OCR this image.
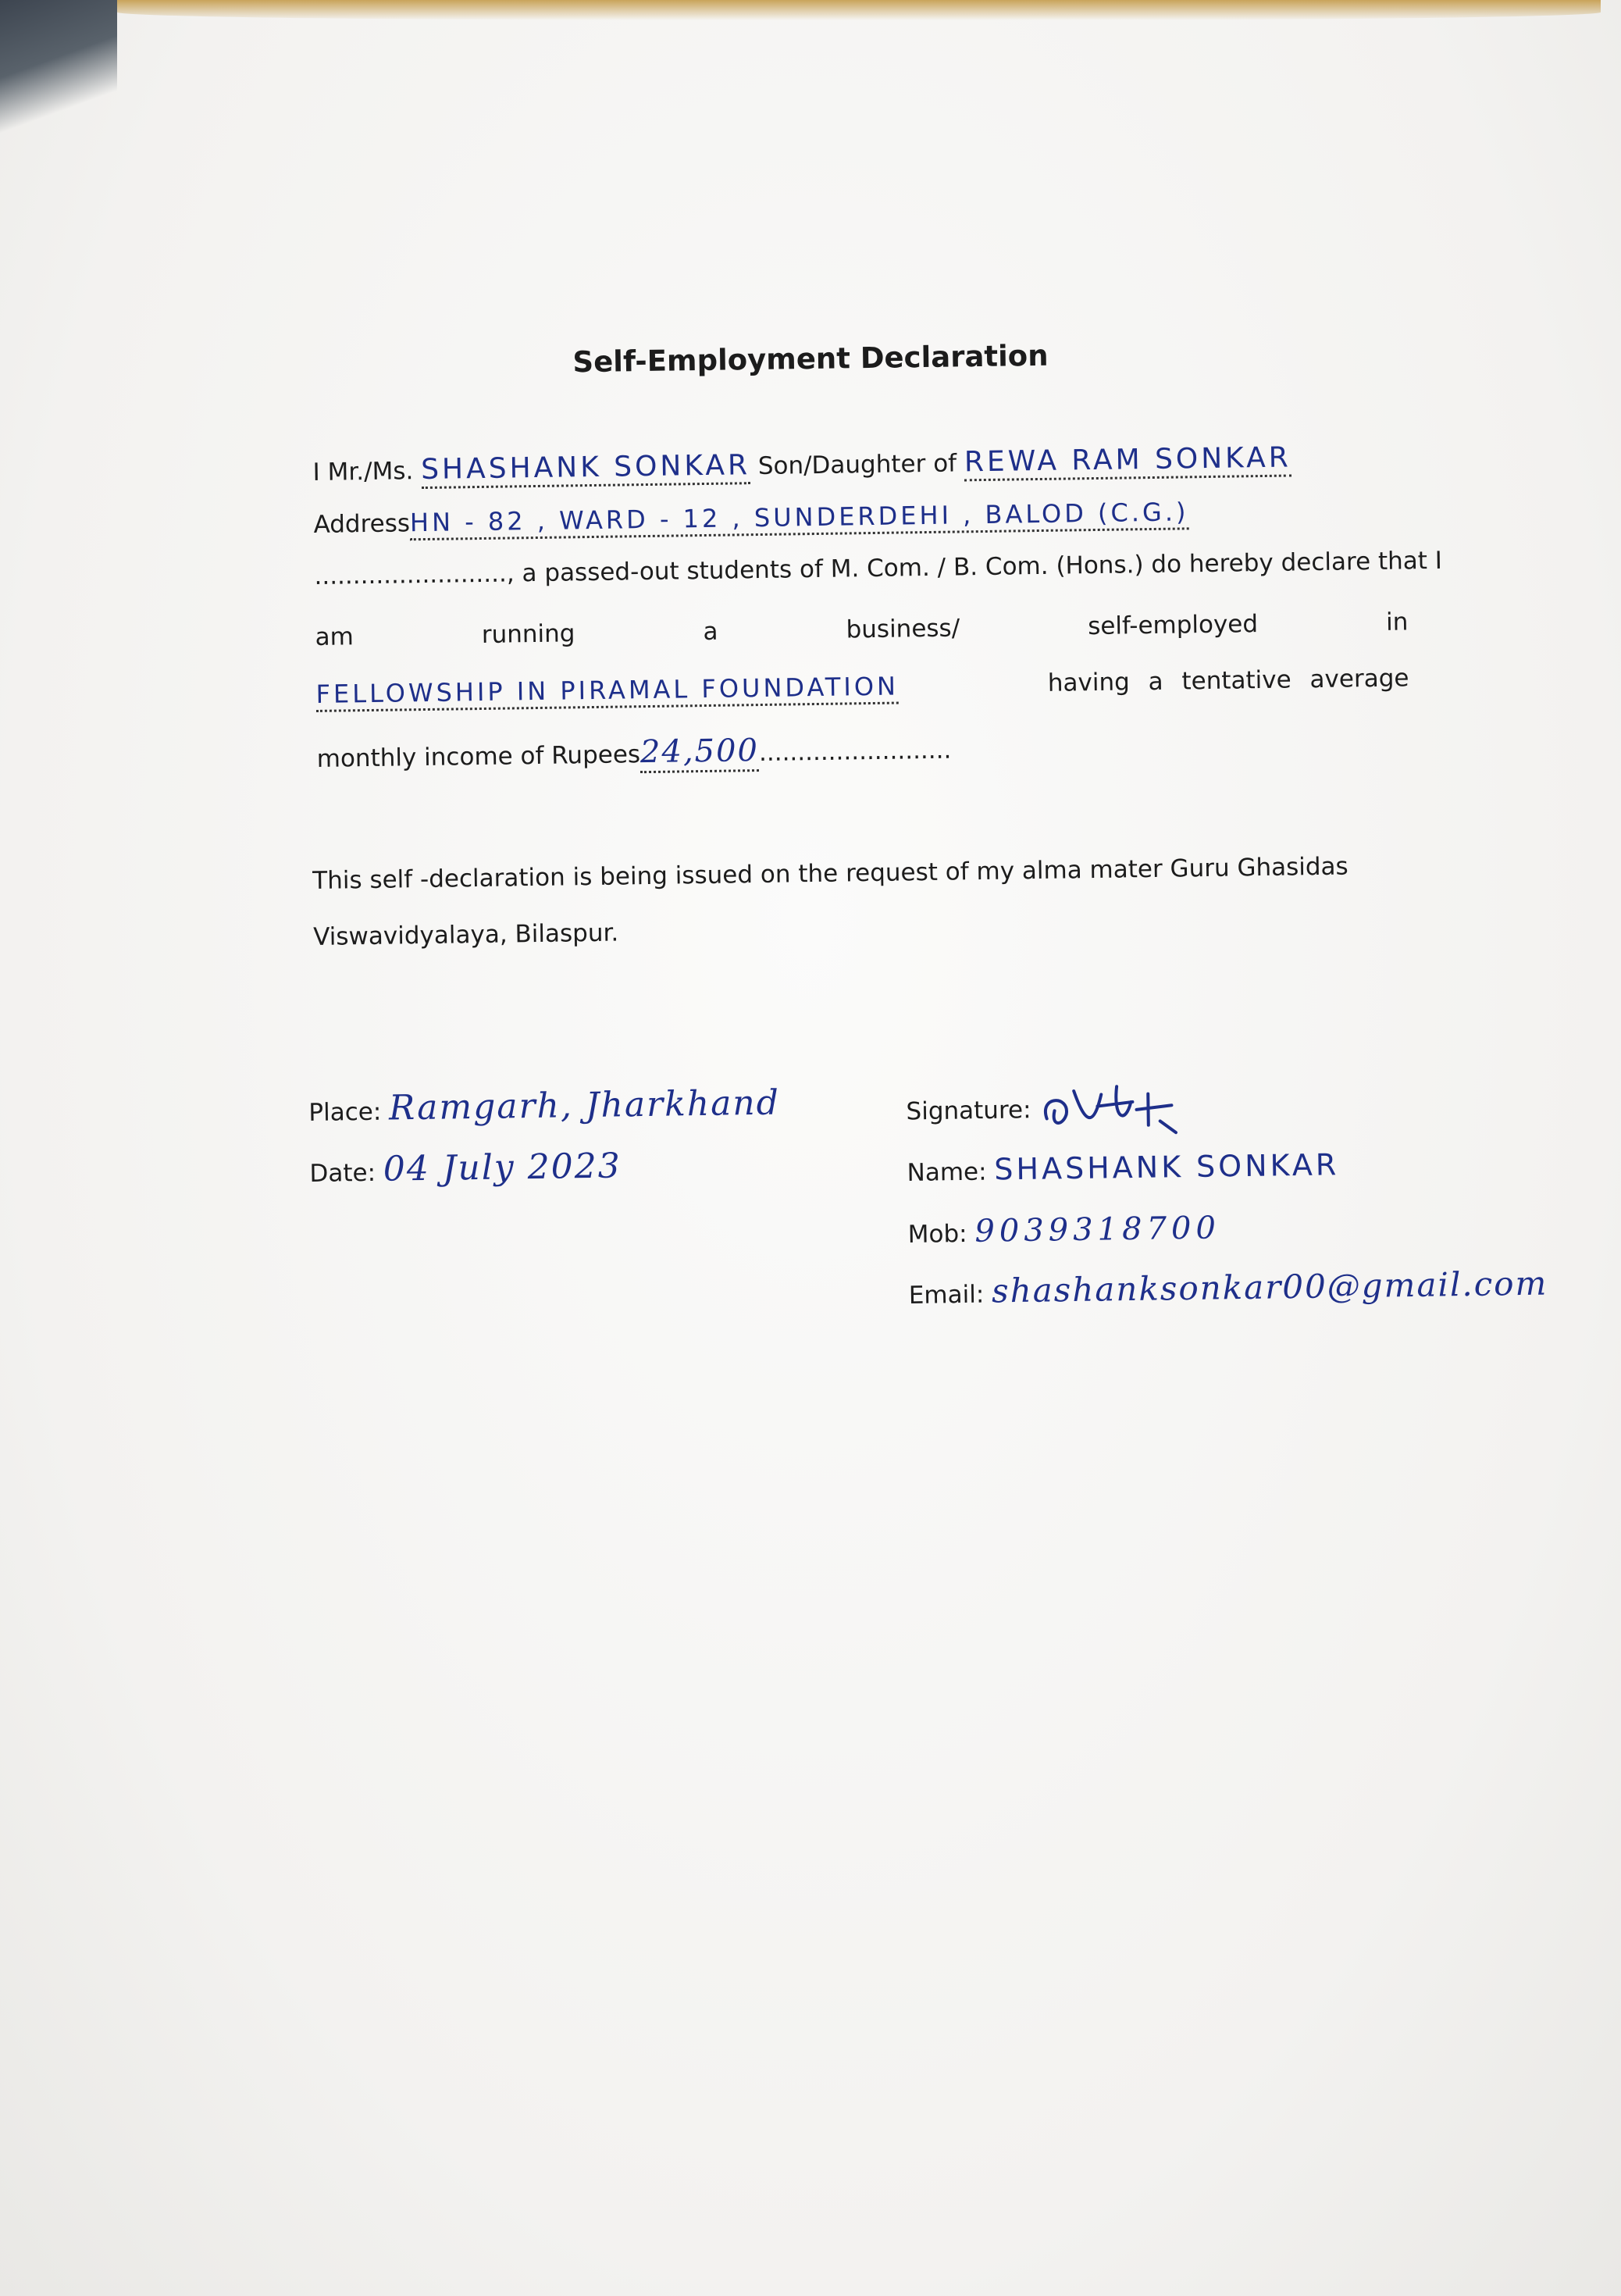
Self-Employment Declaration
I Mr./Ms. SHASHANK SONKAR Son/Daughter of REWA RAM SONKAR
AddressHN - 82 , WARD - 12 , SUNDERDEHI , BALOD (C.G.)
........................., a passed-out students of M. Com. / B. Com. (Hons.) do hereby declare that I
am	running	a	business/	self-employed	in
FELLOWSHIP IN PIRAMAL FOUNDATION	having a tentative average
monthly income of Rupees24,500.........................
This self -declaration is being issued on the request of my alma mater Guru Ghasidas
Viswavidyalaya, Bilaspur.
Place: Ramgarh, Jharkhand
Date: 04 July 2023
Signature:
Name: SHASHANK SONKAR
Mob: 9039318700
Email: shashanksonkar00@gmail.com
